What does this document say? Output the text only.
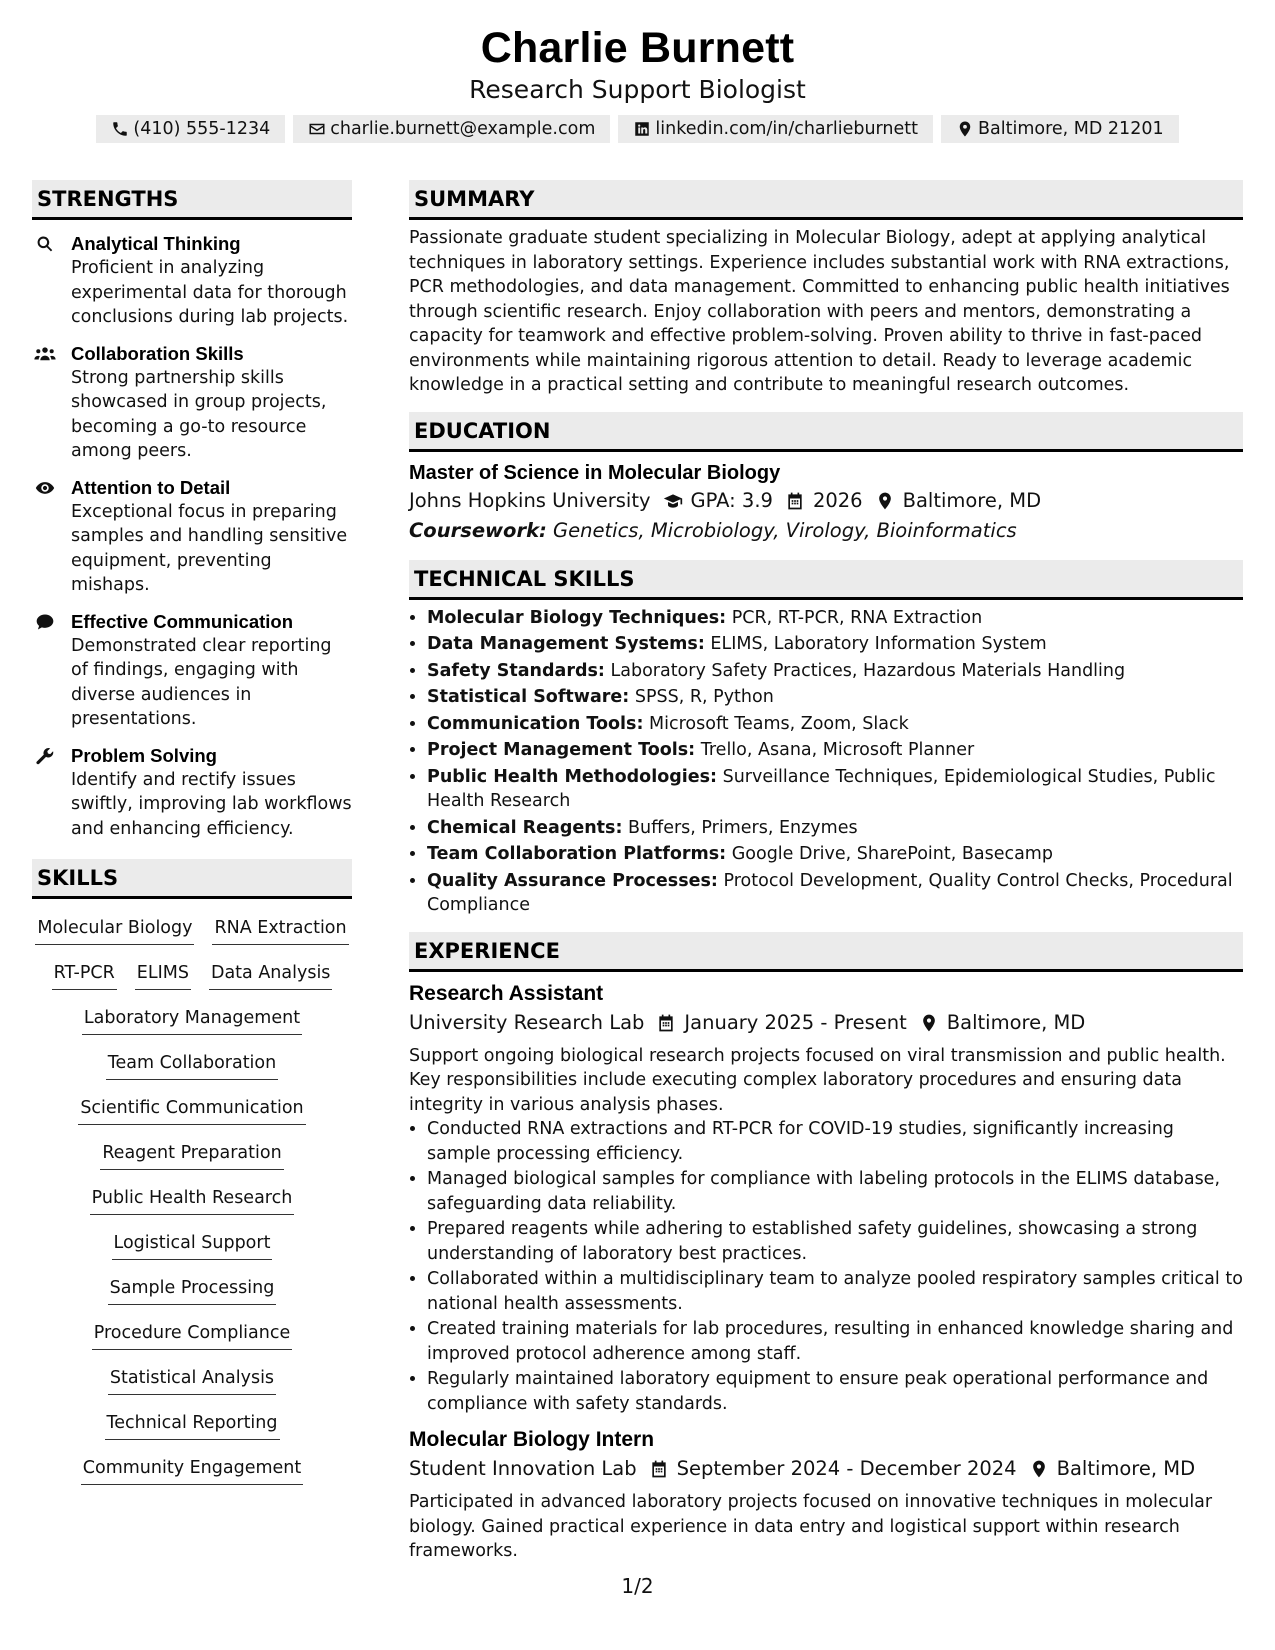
Charlie Burnett
Research Support Biologist
(410) 555-1234	charlie.burnett@example.com	linkedin.com/in/charlieburnett	Baltimore, MD 21201
STRENGTHS
Analytical Thinking
Proficient in analyzing experimental data for thorough conclusions during lab projects.
Collaboration Skills
Strong partnership skills showcased in group projects, becoming a go-to resource among peers.
Attention to Detail
Exceptional focus in preparing samples and handling sensitive equipment, preventing mishaps.
Effective Communication
Demonstrated clear reporting of findings, engaging with diverse audiences in presentations.
Problem Solving
Identify and rectify issues swiftly, improving lab workflows and enhancing efficiency.
SKILLS
Molecular Biology RNA Extraction
RT-PCR ELIMS Data Analysis
Laboratory Management
Team Collaboration
Scientific Communication
Reagent Preparation
Public Health Research
Logistical Support
Sample Processing
Procedure Compliance
Statistical Analysis
Technical Reporting
Community Engagement
SUMMARY
Passionate graduate student specializing in Molecular Biology, adept at applying analytical techniques in laboratory settings. Experience includes substantial work with RNA extractions, PCR methodologies, and data management. Committed to enhancing public health initiatives through scientific research. Enjoy collaboration with peers and mentors, demonstrating a capacity for teamwork and effective problem-solving. Proven ability to thrive in fast-paced environments while maintaining rigorous attention to detail. Ready to leverage academic knowledge in a practical setting and contribute to meaningful research outcomes.
EDUCATION
Master of Science in Molecular Biology
Johns Hopkins University GPA: 3.9 2026 Baltimore, MD
Coursework: Genetics, Microbiology, Virology, Bioinformatics
TECHNICAL SKILLS
• Molecular Biology Techniques: PCR, RT-PCR, RNA Extraction
• Data Management Systems: ELIMS, Laboratory Information System
• Safety Standards: Laboratory Safety Practices, Hazardous Materials Handling
• Statistical Software: SPSS, R, Python
• Communication Tools: Microsoft Teams, Zoom, Slack
• Project Management Tools: Trello, Asana, Microsoft Planner
• Public Health Methodologies: Surveillance Techniques, Epidemiological Studies, Public Health Research
• Chemical Reagents: Buffers, Primers, Enzymes
• Team Collaboration Platforms: Google Drive, SharePoint, Basecamp
• Quality Assurance Processes: Protocol Development, Quality Control Checks, Procedural Compliance
EXPERIENCE
Research Assistant
University Research Lab January 2025 - Present Baltimore, MD
Support ongoing biological research projects focused on viral transmission and public health. Key responsibilities include executing complex laboratory procedures and ensuring data integrity in various analysis phases.
• Conducted RNA extractions and RT-PCR for COVID-19 studies, significantly increasing sample processing efficiency.
• Managed biological samples for compliance with labeling protocols in the ELIMS database, safeguarding data reliability.
• Prepared reagents while adhering to established safety guidelines, showcasing a strong understanding of laboratory best practices.
• Collaborated within a multidisciplinary team to analyze pooled respiratory samples critical to national health assessments.
• Created training materials for lab procedures, resulting in enhanced knowledge sharing and improved protocol adherence among staff.
• Regularly maintained laboratory equipment to ensure peak operational performance and compliance with safety standards.
Molecular Biology Intern
Student Innovation Lab September 2024 - December 2024 Baltimore, MD
Participated in advanced laboratory projects focused on innovative techniques in molecular biology. Gained practical experience in data entry and logistical support within research frameworks.
1/2
